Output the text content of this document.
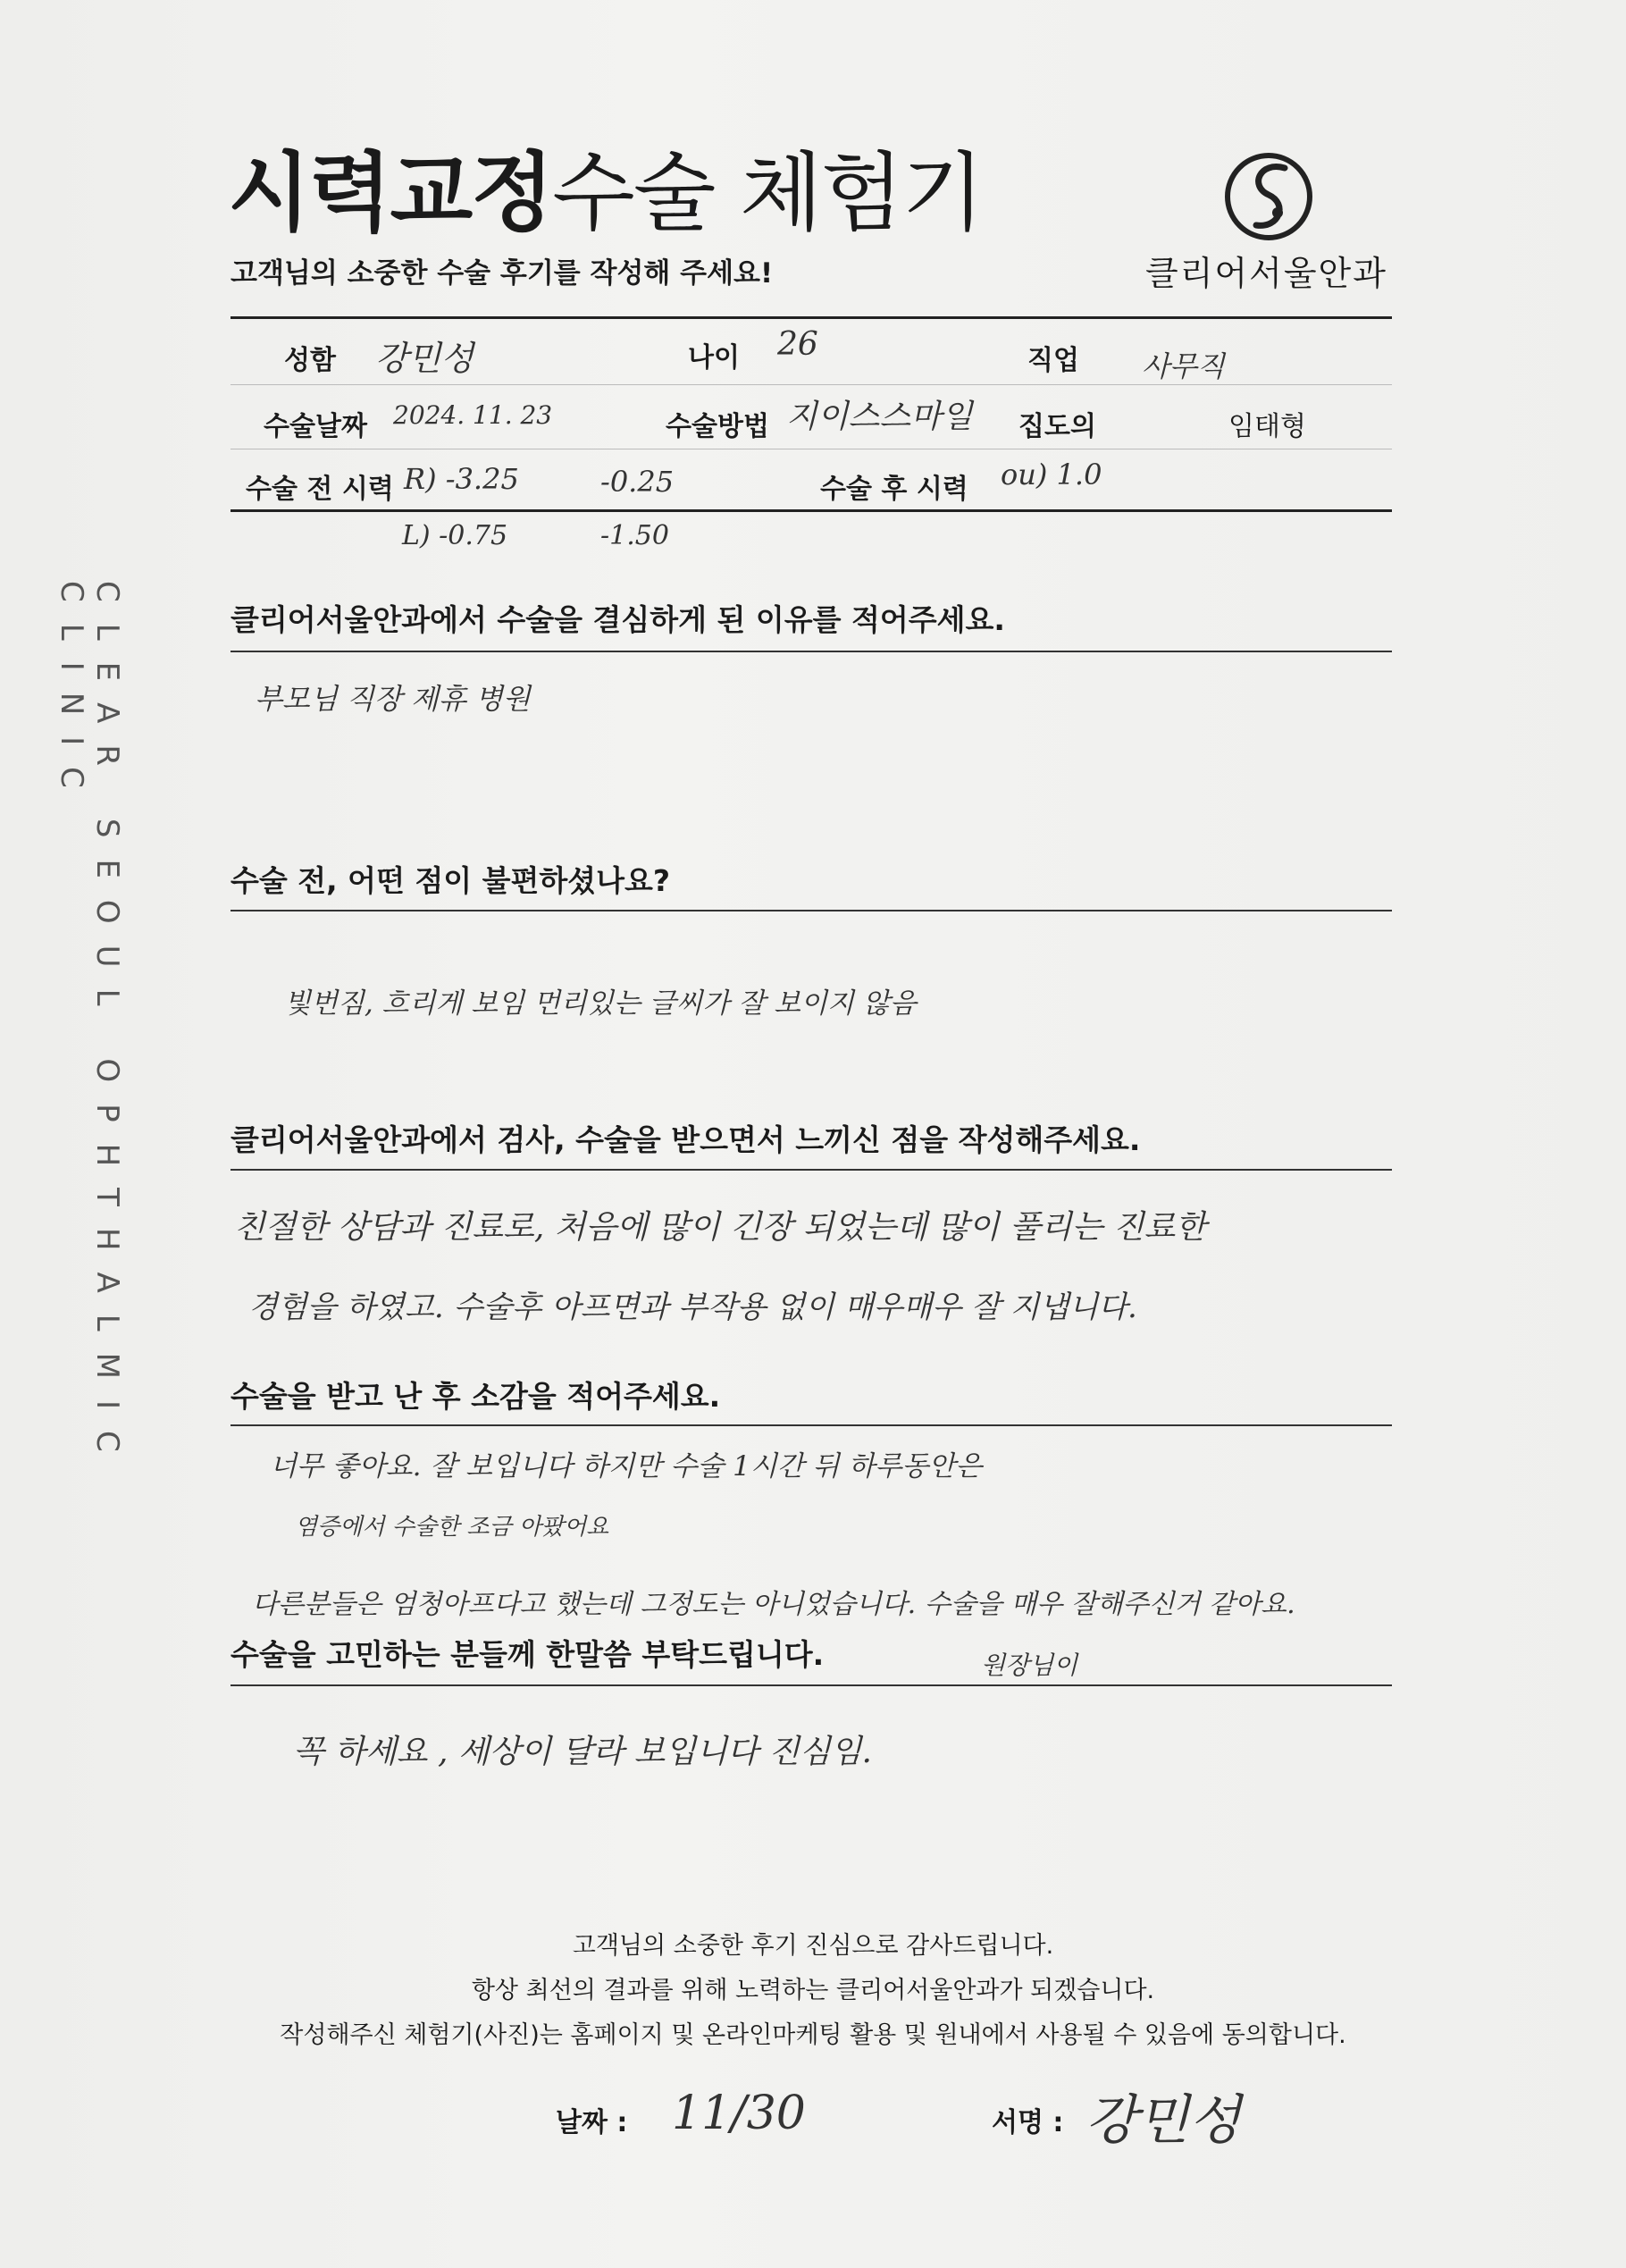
시력교정수술 체험기
고객님의 소중한 수술 후기를 작성해 주세요!	클리어서울안과
성함 강민성	나이 26	직업 사무직
수술날짜 2024. 11. 23	수술방법 지이스스마일 집도의	임태형
수술 전 시력 R) -3.25	-0.25	수술 후 시력 ou) 1.0
L) -0.75	-1.50
CLEAR SEOUL OPHTHALMIC CLINIC	클리어서울안과에서 수술을 결심하게 된 이유를 적어주세요.
부모님 직장 제휴 병원
수술 전, 어떤 점이 불편하셨나요?
빛번짐, 흐리게 보임 먼리있는 글씨가 잘 보이지 않음
클리어서울안과에서 검사, 수술을 받으면서 느끼신 점을 작성해주세요.
친절한 상담과 진료로, 처음에 많이 긴장 되었는데 많이 풀리는 진료한
경험을 하였고. 수술후 아프면과 부작용 없이 매우매우 잘 지냅니다.
수술을 받고 난 후 소감을 적어주세요.
너무 좋아요. 잘 보입니다 하지만 수술 1시간 뒤 하루동안은
염증에서 수술한 조금 아팠어요
다른분들은 엄청아프다고 했는데 그정도는 아니었습니다. 수술을 매우 잘해주신거 같아요.
원장님이
수술을 고민하는 분들께 한말씀 부탁드립니다.
꼭 하세요 , 세상이 달라 보입니다 진심임.
고객님의 소중한 후기 진심으로 감사드립니다.
항상 최선의 결과를 위해 노력하는 클리어서울안과가 되겠습니다.
작성해주신 체험기(사진)는 홈페이지 및 온라인마케팅 활용 및 원내에서 사용될 수 있음에 동의합니다.
날짜 : 11/30	서명 : 강민성
